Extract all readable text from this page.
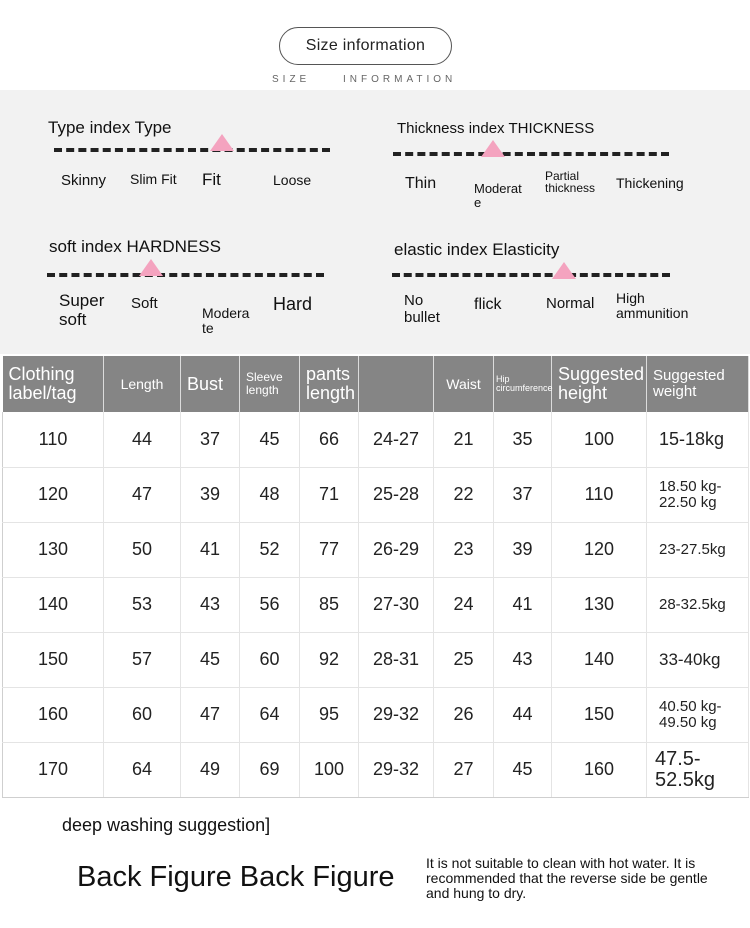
Size information
SIZE INFORMATION
Type index Type
Skinny Slim Fit Fit	Loose
Thickness index THICKNESS
Thin	Moderat e
Partial thickness	Thickening
soft index HARDNESS
Super soft
Soft
Modera te
Hard
elastic index Elasticity
No bullet
flick	Normal High ammunition
Clothing label/tag	Length	Bust	Sleeve length	pants length		Waist	Hip circumference	Suggested height	Suggested weight
110	44	37	45	66	24-27	21	35	100	15-18kg
120	47	39	48	71	25-28	22	37	110	18.50 kg-22.50 kg
130	50	41	52	77	26-29	23	39	120	23-27.5kg
140	53	43	56	85	27-30	24	41	130	28-32.5kg
150	57	45	60	92	28-31	25	43	140	33-40kg
160	60	47	64	95	29-32	26	44	150	40.50 kg-49.50 kg
170	64	49	69	100	29-32	27	45	160	47.5-52.5kg
deep washing suggestion]
Back Figure Back Figure It is not suitable to clean with hot water. It is recommended that the reverse side be gentle and hung to dry.
